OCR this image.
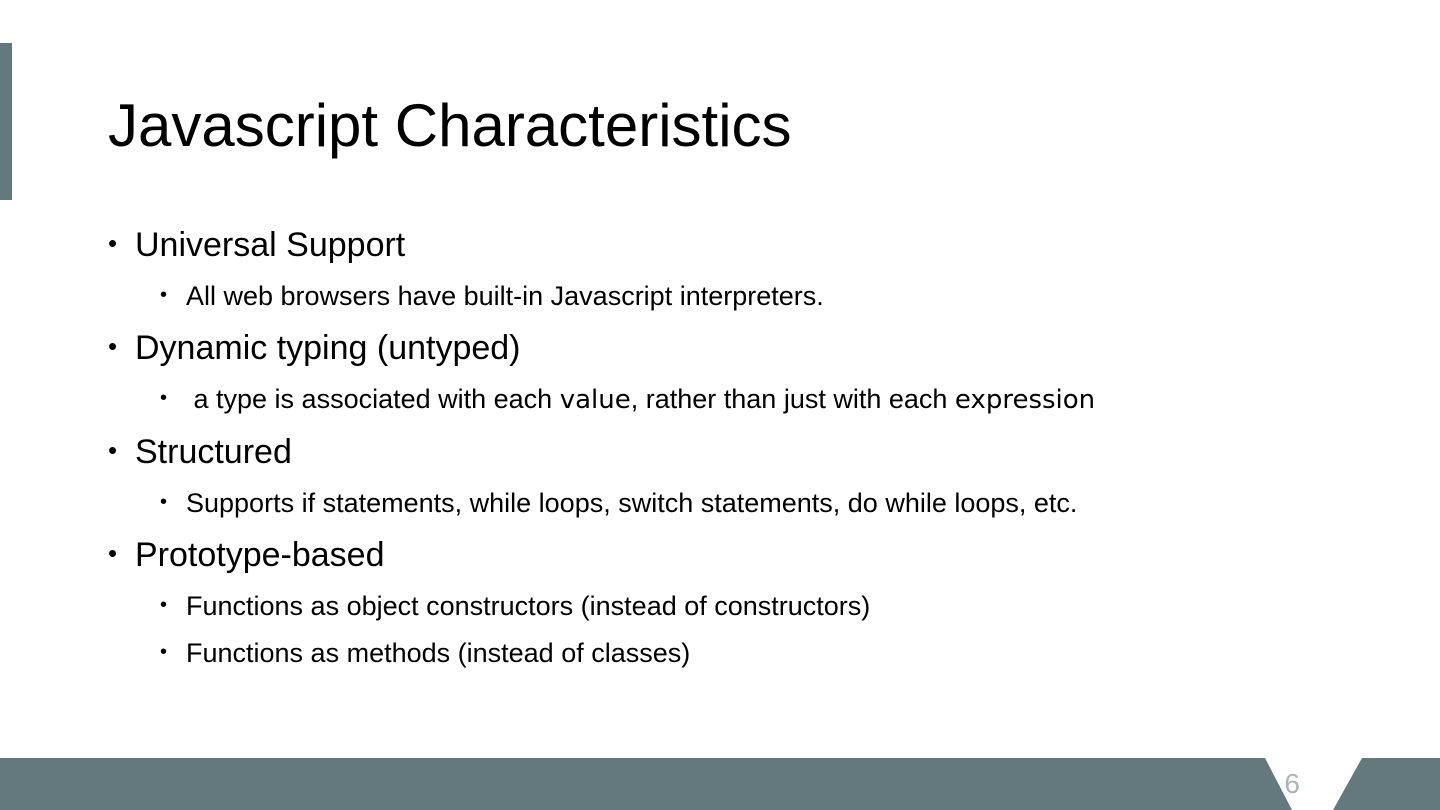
Javascript Characteristics
• Universal Support
• All web browsers have built-in Javascript interpreters.
• Dynamic typing (untyped)
• a type is associated with each value, rather than just with each expression
• Structured
• Supports if statements, while loops, switch statements, do while loops, etc.
• Prototype-based
• Functions as object constructors (instead of constructors)
• Functions as methods (instead of classes)
6
